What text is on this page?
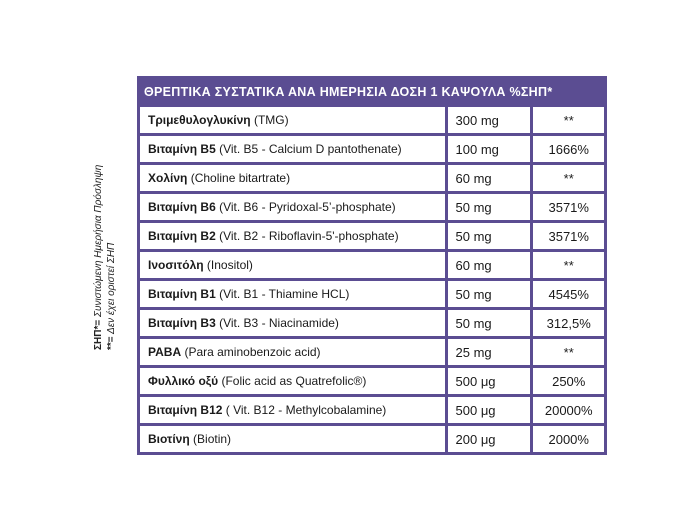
ΣΗΠ*= Συνιστώμενη Ημερήσια Πρόσληψη
**= Δεν έχει οριστεί ΣΗΠ
ΘΡΕΠΤΙΚΑ ΣΥΣΤΑΤΙΚΑ ΑΝΑ ΗΜΕΡΗΣΙΑ ΔΟΣΗ 1 ΚΑΨΟΥΛΑ %ΣΗΠ*
Τριμεθυλογλυκίνη (TMG)	300 mg	**
Βιταμίνη Β5 (Vit. B5 - Calcium D pantothenate)	100 mg	1666%
Χολίνη (Choline bitartrate)	60 mg	**
Βιταμίνη Β6 (Vit. B6 - Pyridoxal-5’-phosphate)	50 mg	3571%
Βιταμίνη Β2 (Vit. B2 - Riboflavin-5'-phosphate)	50 mg	3571%
Ινοσιτόλη (Inositol)	60 mg	**
Βιταμίνη Β1 (Vit. B1 - Thiamine HCL)	50 mg	4545%
Βιταμίνη Β3 (Vit. B3 - Niacinamide)	50 mg	312,5%
PABA (Para aminobenzoic acid)	25 mg	**
Φυλλικό οξύ (Folic acid as Quatrefolic®)	500 μg	250%
Βιταμίνη Β12 ( Vit. B12 - Methylcobalamine)	500 μg	20000%
Βιοτίνη (Biotin)	200 μg	2000%
